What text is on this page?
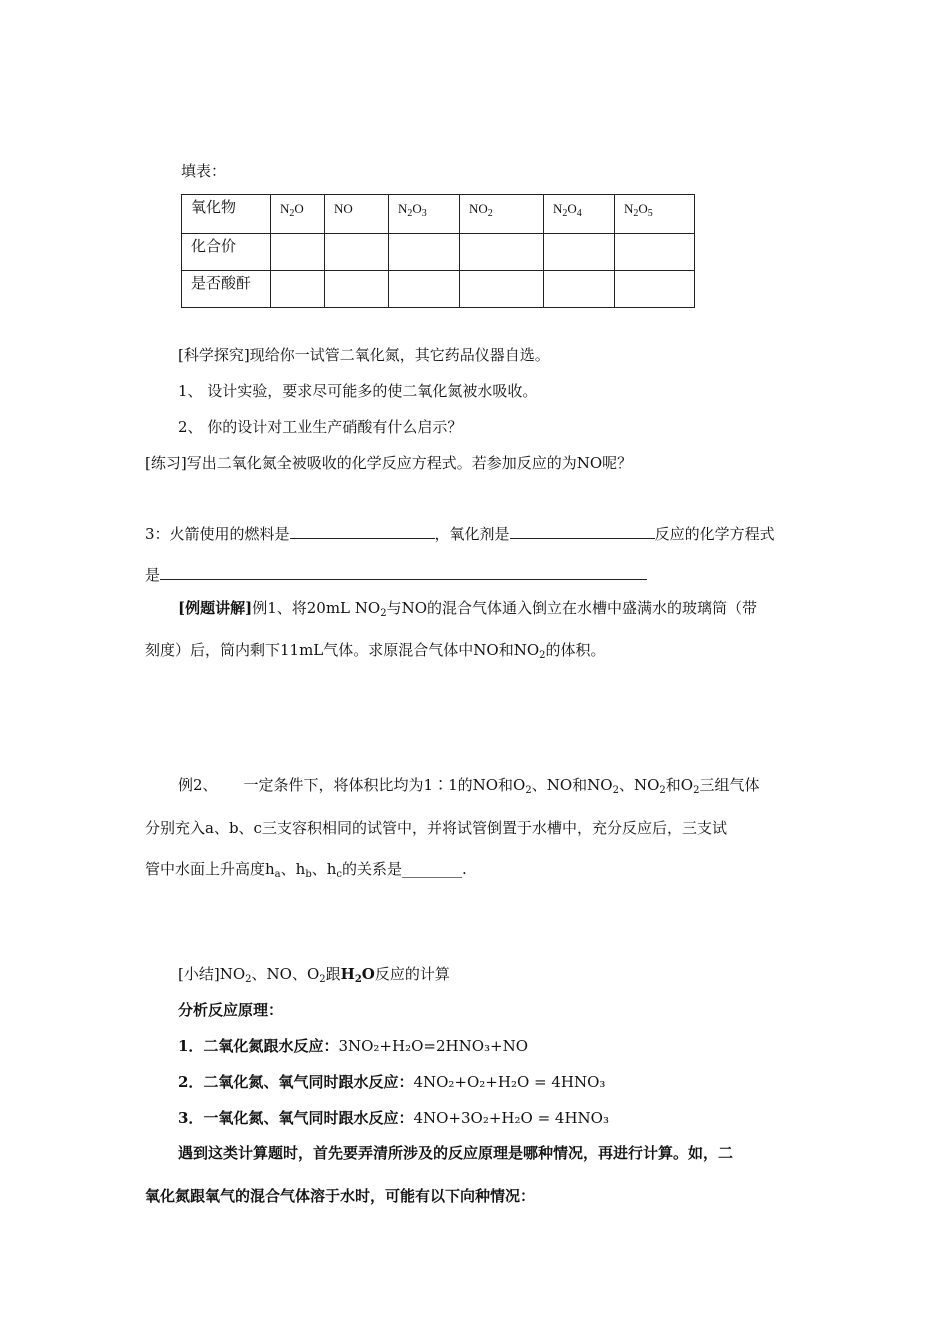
填表：
氧化物	$N_2O$	NO	$N_2O_3$	$NO_2$	$N_2O_4$	$N_2O_5$
化合价						
是否酸酐						
[科学探究]现给你一试管二氧化氮，其它药品仪器自选。
1、 设计实验，要求尽可能多的使二氧化氮被水吸收。
2、 你的设计对工业生产硝酸有什么启示？
[练习]写出二氧化氮全被吸收的化学反应方程式。若参加反应的为NO呢？
3：火箭使用的燃料是	，氧化剂是	反应的化学方程式
是
[例题讲解]例1、将20mL $NO_2$与NO的混合气体通入倒立在水槽中盛满水的玻璃筒（带
刻度）后，筒内剩下11mL气体。求原混合气体中NO和$NO_2$的体积。
例2、 一定条件下，将体积比均为1∶1的NO和$O_2$、NO和$NO_2$、$NO_2$和$O_2$三组气体
分别充入a、b、c三支容积相同的试管中，并将试管倒置于水槽中，充分反应后，三支试
管中水面上升高度$h_a$、$h_b$、$h_c$的关系是________.
[小结]$NO_2$、NO、$O_2$跟$H_2O$反应的计算
分析反应原理：
1．二氧化氮跟水反应：3NO₂+H₂O=2HNO₃+NO
2．二氧化氮、氧气同时跟水反应：4NO₂+O₂+H₂O = 4HNO₃
3．一氧化氮、氧气同时跟水反应：4NO+3O₂+H₂O = 4HNO₃
遇到这类计算题时，首先要弄清所涉及的反应原理是哪种情况，再进行计算。如，二
氧化氮跟氧气的混合气体溶于水时，可能有以下向种情况：
